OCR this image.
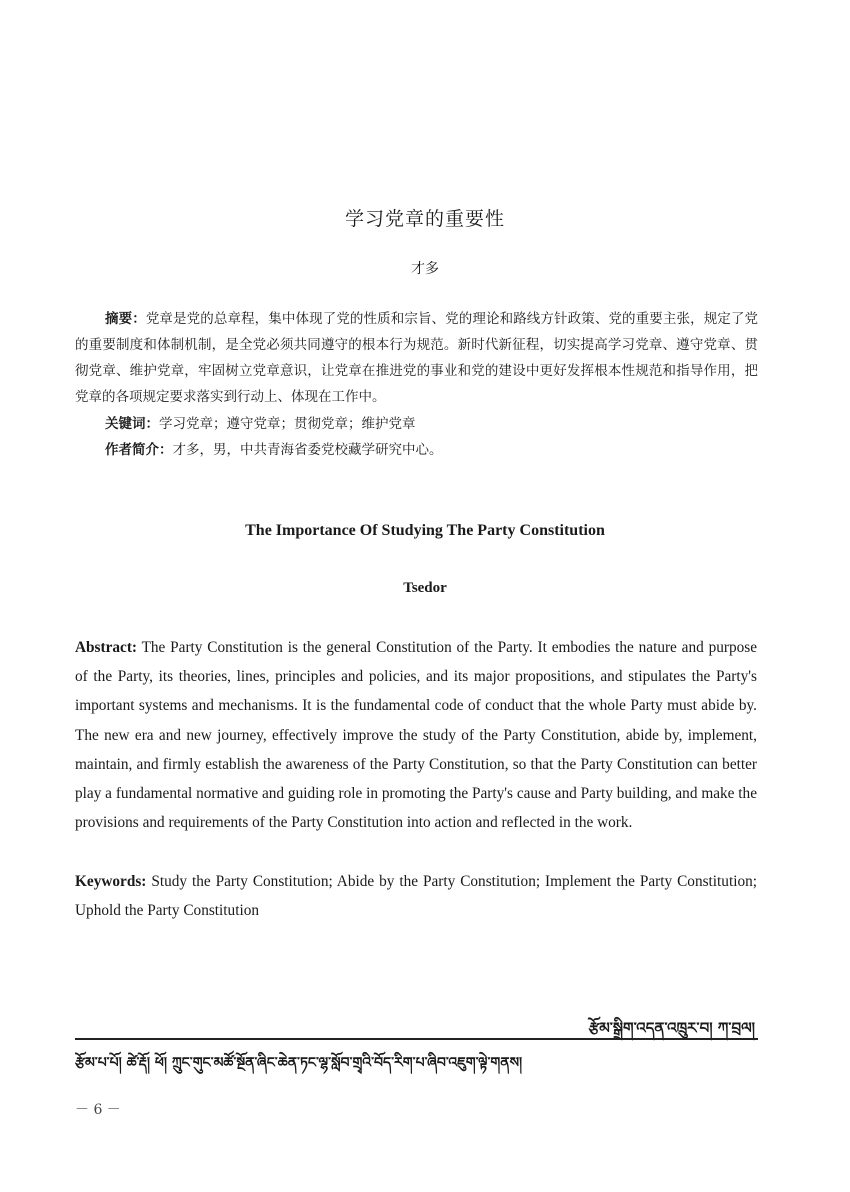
学习党章的重要性
才多
摘要：党章是党的总章程，集中体现了党的性质和宗旨、党的理论和路线方针政策、党的重要主张，规定了党的重要制度和体制机制，是全党必须共同遵守的根本行为规范。新时代新征程，切实提高学习党章、遵守党章、贯彻党章、维护党章，牢固树立党章意识，让党章在推进党的事业和党的建设中更好发挥根本性规范和指导作用，把党章的各项规定要求落实到行动上、体现在工作中。
关键词：学习党章；遵守党章；贯彻党章；维护党章
作者简介：才多，男，中共青海省委党校藏学研究中心。
The Importance Of Studying The Party Constitution
Tsedor
Abstract: The Party Constitution is the general Constitution of the Party. It embodies the nature and purpose of the Party, its theories, lines, principles and policies, and its major propositions, and stipulates the Party's important systems and mechanisms. It is the fundamental code of conduct that the whole Party must abide by. The new era and new journey, effectively improve the study of the Party Constitution, abide by, implement, maintain, and firmly establish the awareness of the Party Constitution, so that the Party Constitution can better play a fundamental normative and guiding role in promoting the Party's cause and Party building, and make the provisions and requirements of the Party Constitution into action and reflected in the work.
Keywords: Study the Party Constitution; Abide by the Party Constitution; Implement the Party Constitution; Uphold the Party Constitution
རྩོམ་སྒྲིག་འདན་འཁྲུར་བ། ཀ་བྲལ།
རྩོམ་པ་པོ། ཚེ་རྡོ། ཕོ། ཀྲུང་གུང་མཚོ་སྔོན་ཞིང་ཆེན་ཏང་ལྷ་སློབ་གྲྭའི་བོད་རིག་པ་ཞིབ་འཇུག་ལྟེ་གནས།
－ 6 －
